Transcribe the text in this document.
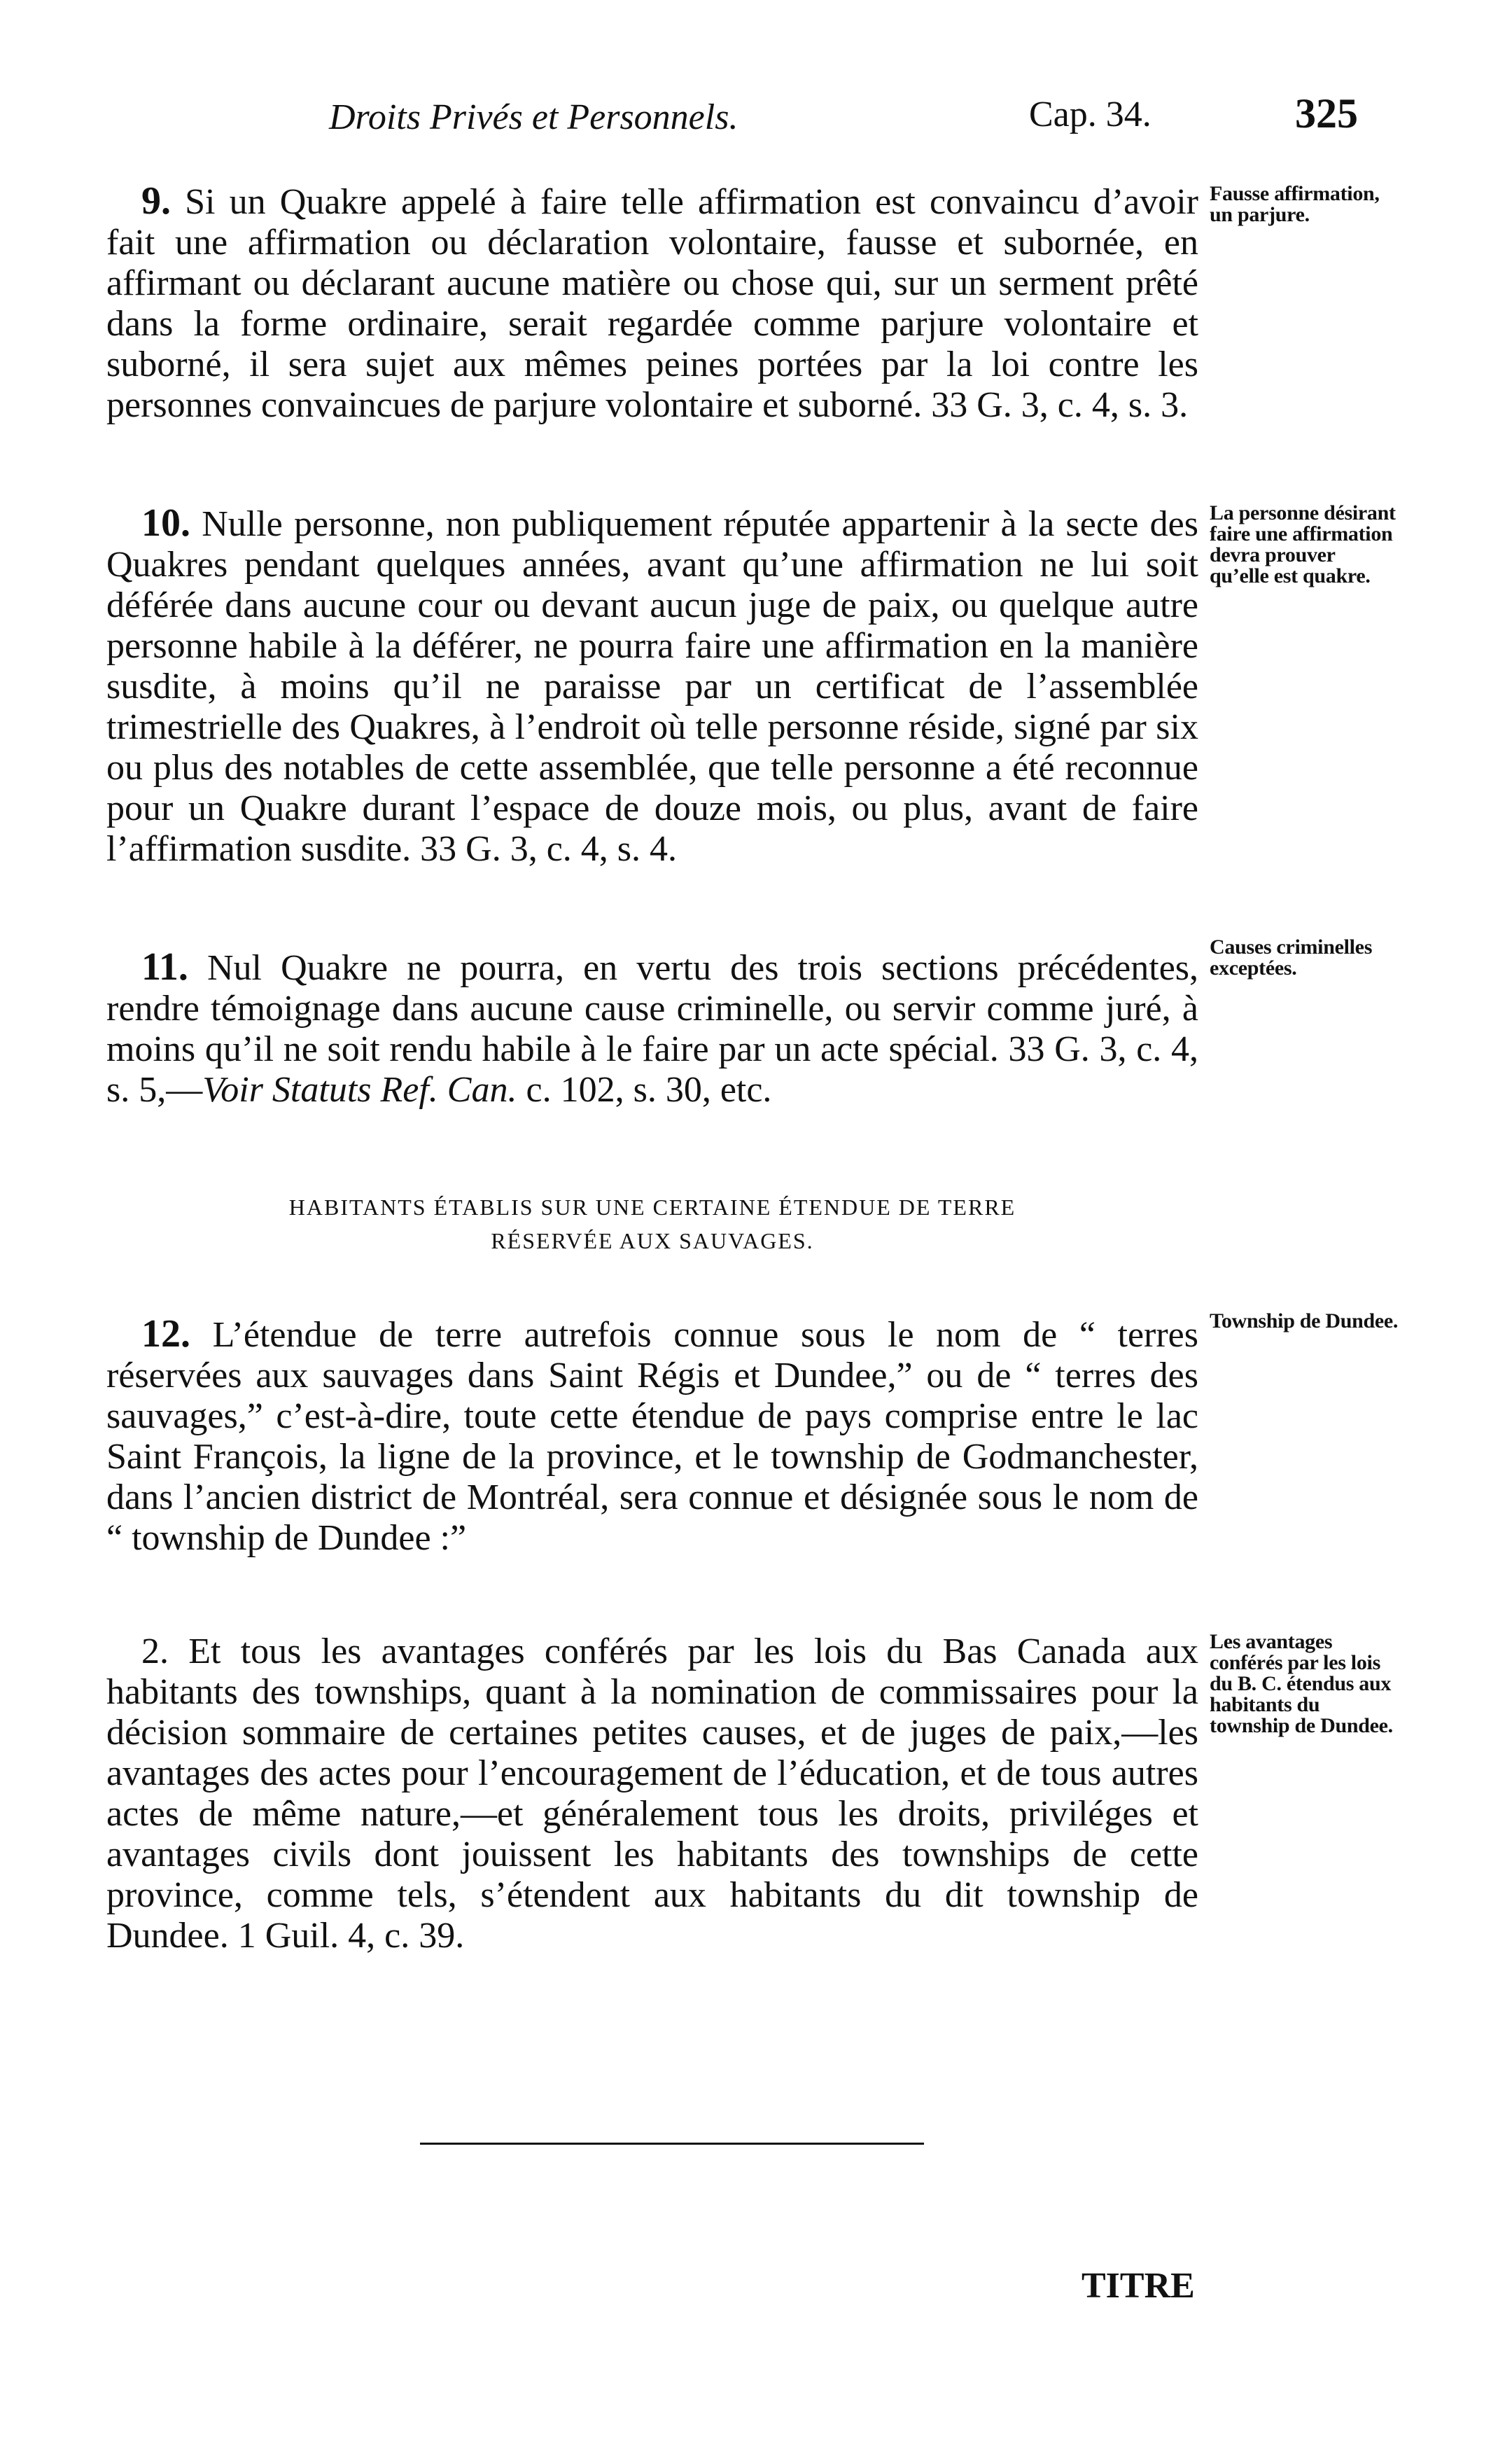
Droits Privés et Personnels.	Cap. 34.	325
9. Si un Quakre appelé à faire telle affirmation est convaincu d’avoir fait une affirmation ou déclaration volontaire, fausse et subornée, en affirmant ou déclarant aucune matière ou chose qui, sur un serment prêté dans la forme ordinaire, serait regardée comme parjure volontaire et suborné, il sera sujet aux mêmes peines portées par la loi contre les personnes convaincues de parjure volontaire et suborné. 33 G. 3, c. 4, s. 3.
Fausse affirmation, un parjure.
10. Nulle personne, non publiquement réputée appartenir à la secte des Quakres pendant quelques années, avant qu’une affirmation ne lui soit déférée dans aucune cour ou devant aucun juge de paix, ou quelque autre personne habile à la déférer, ne pourra faire une affirmation en la manière susdite, à moins qu’il ne paraisse par un certificat de l’assemblée trimestrielle des Quakres, à l’endroit où telle personne réside, signé par six ou plus des notables de cette assemblée, que telle personne a été reconnue pour un Quakre durant l’espace de douze mois, ou plus, avant de faire l’affirmation susdite. 33 G. 3, c. 4, s. 4.
La personne désirant faire une affirmation devra prouver qu’elle est quakre.
11. Nul Quakre ne pourra, en vertu des trois sections précédentes, rendre témoignage dans aucune cause criminelle, ou servir comme juré, à moins qu’il ne soit rendu habile à le faire par un acte spécial. 33 G. 3, c. 4, s. 5,—Voir Statuts Ref. Can. c. 102, s. 30, etc.
Causes criminelles exceptées.
HABITANTS ÉTABLIS SUR UNE CERTAINE ÉTENDUE DE TERRE
RÉSERVÉE AUX SAUVAGES.
12. L’étendue de terre autrefois connue sous le nom de “ terres réservées aux sauvages dans Saint Régis et Dundee,” ou de “ terres des sauvages,” c’est-à-dire, toute cette étendue de pays comprise entre le lac Saint François, la ligne de la province, et le township de Godmanchester, dans l’ancien district de Montréal, sera connue et désignée sous le nom de “ township de Dundee :”
Township de Dundee.
2. Et tous les avantages conférés par les lois du Bas Canada aux habitants des townships, quant à la nomination de commissaires pour la décision sommaire de certaines petites causes, et de juges de paix,—les avantages des actes pour l’encouragement de l’éducation, et de tous autres actes de même nature,—et généralement tous les droits, priviléges et avantages civils dont jouissent les habitants des townships de cette province, comme tels, s’étendent aux habitants du dit township de Dundee. 1 Guil. 4, c. 39.
Les avantages conférés par les lois du B. C. étendus aux habitants du township de Dundee.
TITRE
